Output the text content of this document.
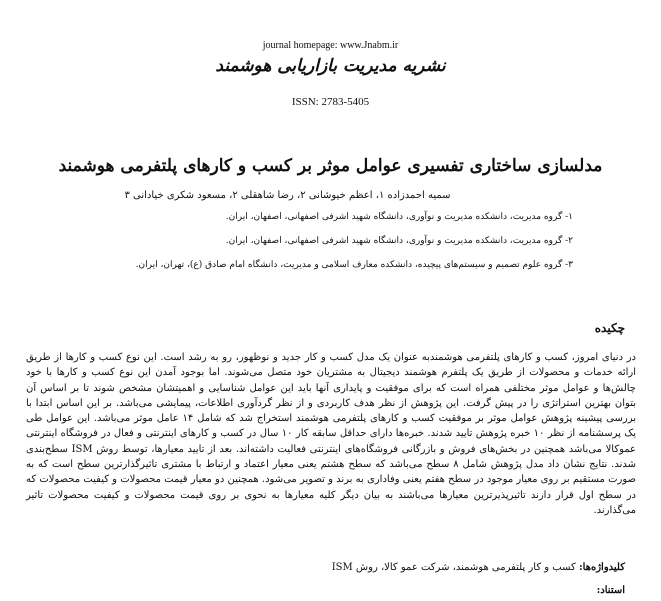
journal homepage: www.Jnabm.ir
نشریه مدیریت بازاریابی هوشمند
ISSN: 2783-5405
مدلسازی ساختاری تفسیری عوامل موثر بر کسب و کارهای پلتفرمی هوشمند
سمیه احمدزاده ۱، اعظم خیوشانی ۲، رضا شاهقلی ۲، مسعود شکری خیادانی ۳
۱- گروه مدیریت، دانشکده مدیریت و نوآوری، دانشگاه شهید اشرفی اصفهانی، اصفهان، ایران.
۲- گروه مدیریت، دانشکده مدیریت و نوآوری، دانشگاه شهید اشرفی اصفهانی، اصفهان، ایران.
۳- گروه علوم تصمیم و سیستم‌های پیچیده، دانشکده معارف اسلامی و مدیریت، دانشگاه امام صادق (ع)، تهران، ایران.
چکیده
در دنیای امروز، کسب و کارهای پلتفرمی هوشمندبه عنوان یک مدل کسب و کار جدید و نوظهور، رو به رشد است. این نوع کسب و کارها از طریق ارائه خدمات و محصولات از طریق یک پلتفرم هوشمند دیجیتال به مشتریان خود متصل می‌شوند. اما بوجود آمدن این نوع کسب و کارها با خود چالش‌ها و عوامل موثر مختلفی همراه است که برای موفقیت و پایداری آنها باید این عوامل شناسایی و اهمیتشان مشخص شوند تا بر اساس آن بتوان بهترین استراتژی را در پیش گرفت. این پژوهش از نظر هدف کاربردی و از نظر گردآوری اطلاعات، پیمایشی می‌باشد. بر این اساس ابتدا با بررسی پیشینه پژوهش عوامل موثر بر موفقیت کسب و کارهای پلتفرمی هوشمند استخراج شد که شامل ۱۴ عامل موثر می‌باشد. این عوامل طی یک پرسشنامه از نظر ۱۰ خبره پژوهش تایید شدند. خبره‌ها دارای حداقل سابقه کار ۱۰ سال در کسب و کارهای اینترنتی و فعال در فروشگاه اینترنتی عموکالا می‌باشد همچنین در بخش‌های فروش و بازرگانی فروشگاه‌های اینترنتی فعالیت داشته‌اند. بعد از تایید معیارها، توسط روش ISM سطح‌بندی شدند. نتایج نشان داد مدل پژوهش شامل ۸ سطح می‌باشد که سطح هشتم یعنی معیار اعتماد و ارتباط با مشتری تاثیرگذارترین سطح است که به صورت مستقیم بر روی معیار موجود در سطح هفتم یعنی وفاداری به برند و تصویر می‌شود. همچنین دو معیار قیمت محصولات و کیفیت محصولات که در سطح اول قرار دارند تاثیرپذیرترین معیارها می‌باشند به بیان دیگر کلیه معیارها به نحوی بر روی قیمت محصولات و کیفیت محصولات تاثیر می‌گذارند.
کلیدواژه‌ها: کسب و کار پلتفرمی هوشمند، شرکت عمو کالا، روش ISM
استناد:
